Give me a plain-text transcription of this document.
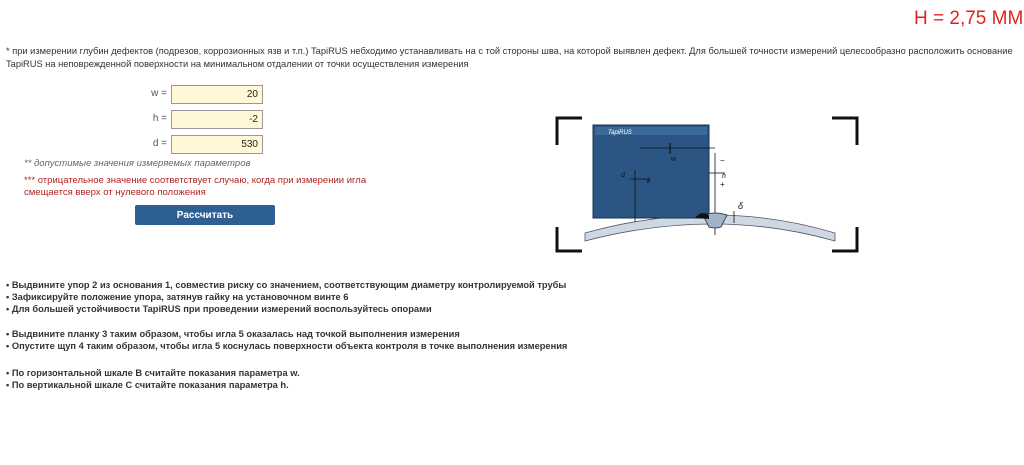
H = 2,75 ММ
* при измерении глубин дефектов (подрезов, коррозионных язв и т.п.) TapiRUS небходимо устанавливать на с той стороны шва, на которой выявлен дефект. Для большей точности измерений целесообразно расположить основание
TapiRUS на неповрежденной поверхности на минимальном отдалении от точки осуществления измерения
w =
20
h =
-2
d =
530
** допустимые значения измеряемых параметров
*** отрицательное значение соответствует случаю, когда при измерении игла смещается вверх от нулевого положения
Рассчитать
TapiRUS
w
d
k
−
h
+
δ
• Выдвините упор 2 из основания 1, совместив риску со значением, соответствующим диаметру контролируемой трубы
• Зафиксируйте положение упора, затянув гайку на установочном винте 6
• Для большей устойчивости TapiRUS при проведении измерений воспользуйтесь опорами
• Выдвините планку 3 таким образом, чтобы игла 5 оказалась над точкой выполнения измерения
• Опустите щуп 4 таким образом, чтобы игла 5 коснулась поверхности объекта контроля в точке выполнения измерения
• По горизонтальной шкале B считайте показания параметра w.
• По вертикальной шкале C считайте показания параметра h.
